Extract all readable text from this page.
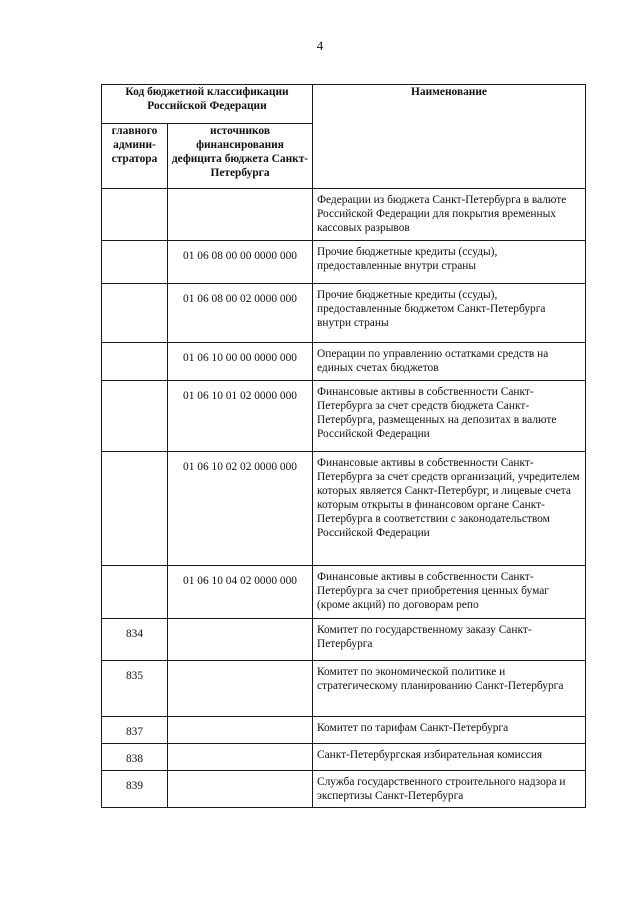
4
Код бюджетной классификации Российской Федерации		Наименование
главного админи-стратора	источников финансирования дефицита бюджета Санкт-Петербурга	
		Федерации из бюджета Санкт-Петербурга в валюте Российской Федерации для покрытия временных кассовых разрывов
	01 06 08 00 00 0000 000	Прочие бюджетные кредиты (ссуды), предоставленные внутри страны
	01 06 08 00 02 0000 000	Прочие бюджетные кредиты (ссуды), предоставленные бюджетом Санкт-Петербурга внутри страны
	01 06 10 00 00 0000 000	Операции по управлению остатками средств на единых счетах бюджетов
	01 06 10 01 02 0000 000	Финансовые активы в собственности Санкт-Петербурга за счет средств бюджета Санкт-Петербурга, размещенных на депозитах в валюте Российской Федерации
	01 06 10 02 02 0000 000	Финансовые активы в собственности Санкт-Петербурга за счет средств организаций, учредителем которых является Санкт-Петербург, и лицевые счета которым открыты в финансовом органе Санкт-Петербурга в соответствии с законодательством Российской Федерации
	01 06 10 04 02 0000 000	Финансовые активы в собственности Санкт-Петербурга за счет приобретения ценных бумаг (кроме акций) по договорам репо
834		Комитет по государственному заказу Санкт-Петербурга
835		Комитет по экономической политике и стратегическому планированию Санкт-Петербурга
837		Комитет по тарифам Санкт-Петербурга
838		Санкт-Петербургская избирательная комиссия
839		Служба государственного строительного надзора и экспертизы Санкт-Петербурга
